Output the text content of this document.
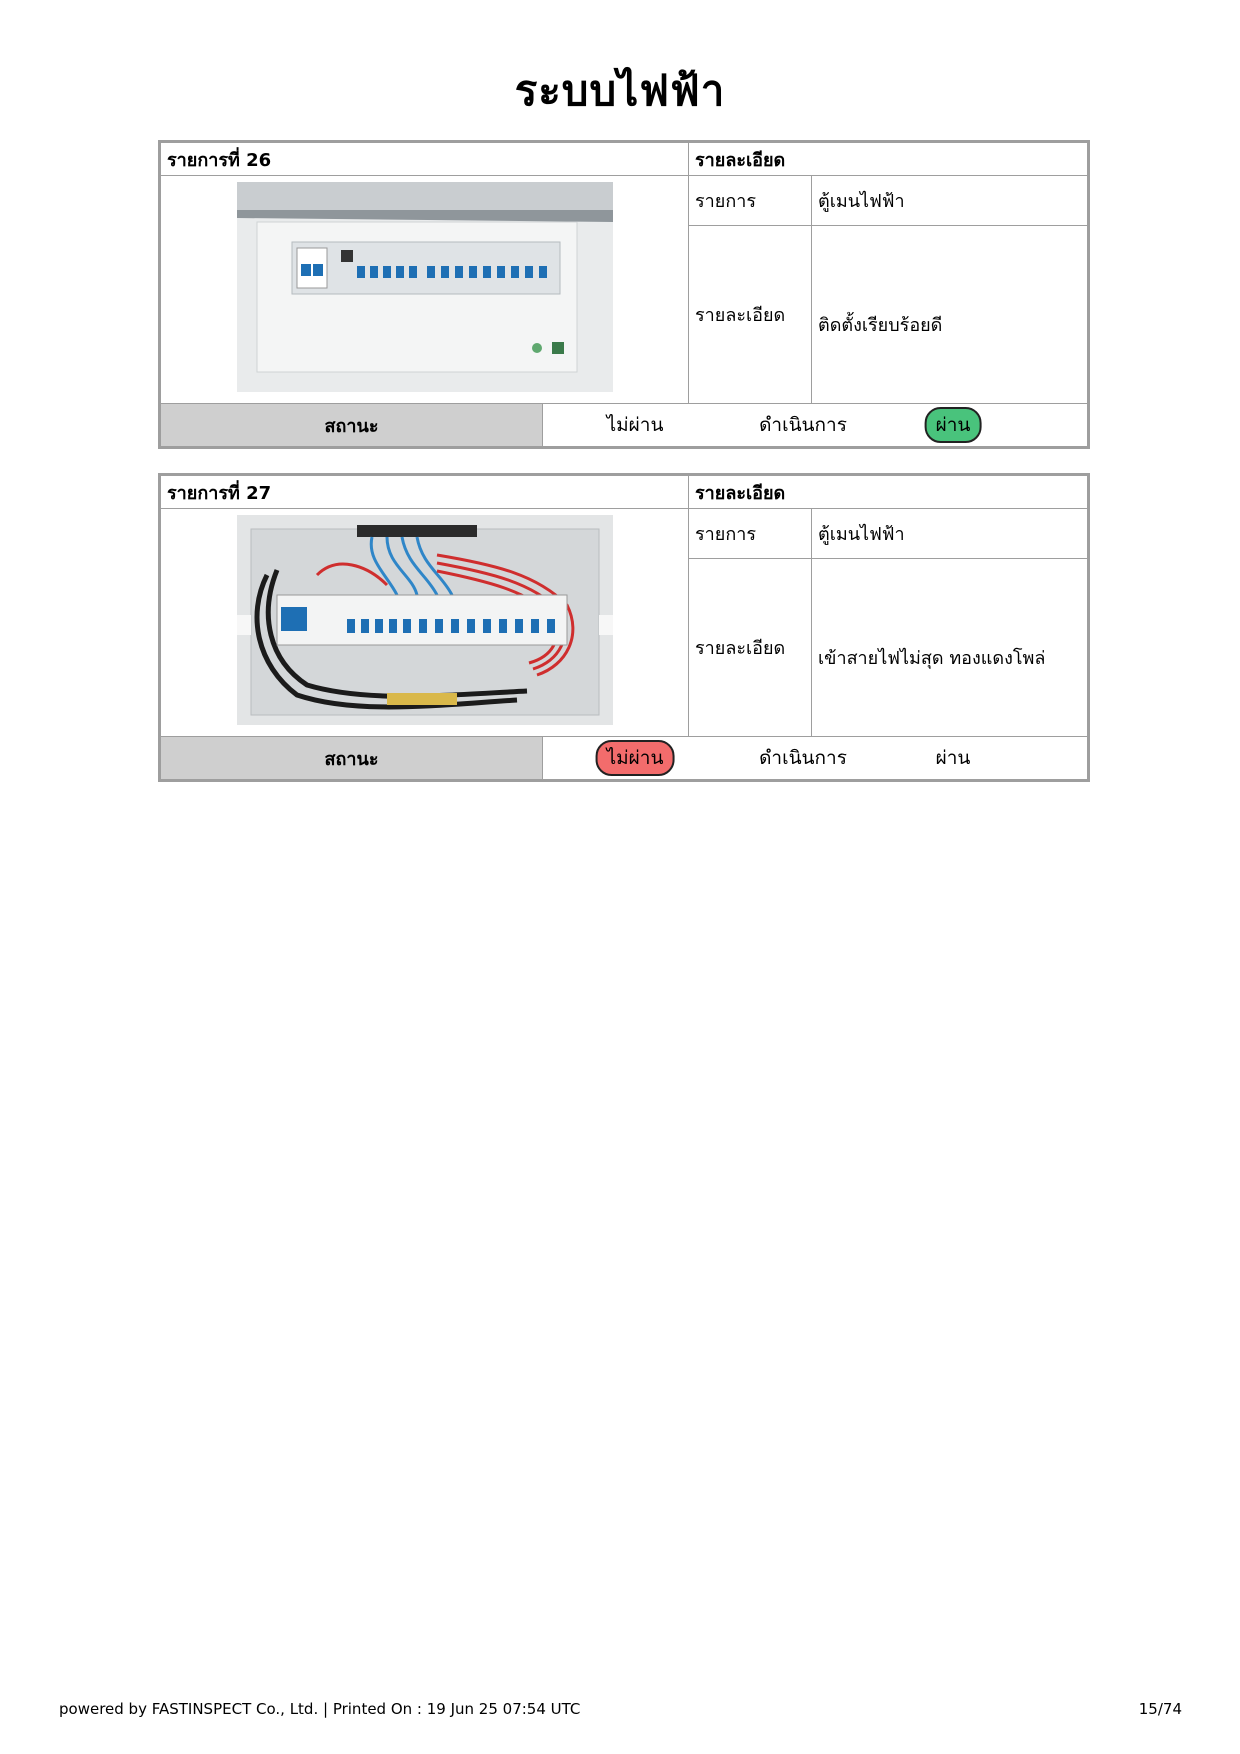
ระบบไฟฟ้า
รายการที่ 26		รายละเอียด	

	รายการ	ตู้เมนไฟฟ้า
		รายละเอียด	ติดตั้งเรียบร้อยดี
สถานะ	ไม่ผ่าน ดำเนินการ ผ่าน		
รายการที่ 27		รายละเอียด	

	รายการ	ตู้เมนไฟฟ้า
		รายละเอียด	เข้าสายไฟไม่สุด ทองแดงโพล่
สถานะ	ไม่ผ่าน ดำเนินการ ผ่าน		
powered by FASTINSPECT Co., Ltd. | Printed On : 19 Jun 25 07:54 UTC	15/74
